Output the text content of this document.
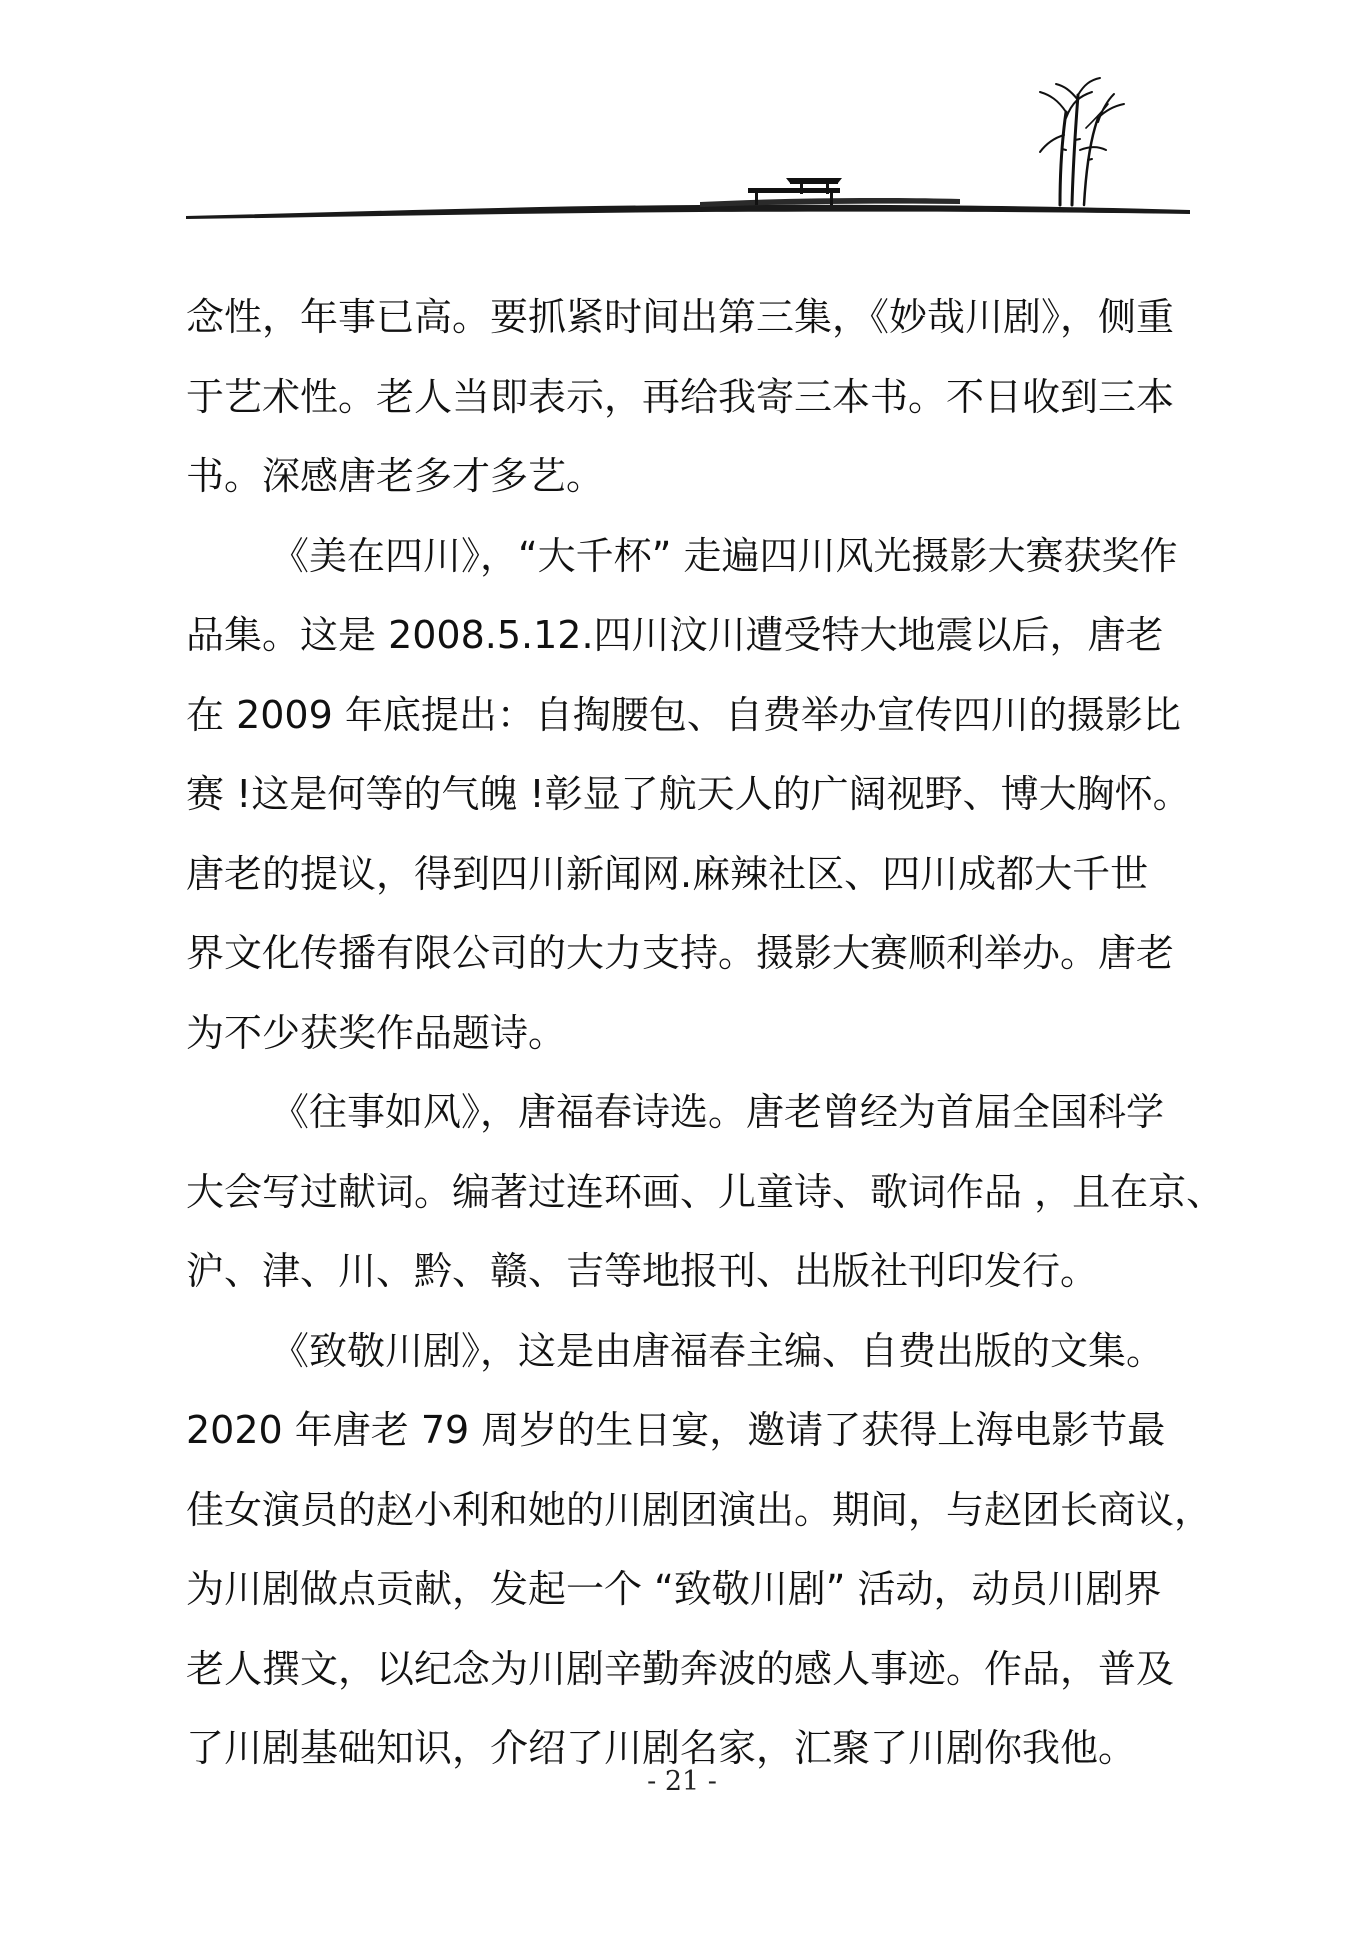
念性，年事已高。要抓紧时间出第三集，《妙哉川剧》，侧重
于艺术性。老人当即表示，再给我寄三本书。不日收到三本
书。深感唐老多才多艺。
《美在四川》，“大千杯” 走遍四川风光摄影大赛获奖作
品集。这是 2008.5.12.四川汶川遭受特大地震以后，唐老
在 2009 年底提出：自掏腰包、自费举办宣传四川的摄影比
赛 !这是何等的气魄 !彰显了航天人的广阔视野、博大胸怀。
唐老的提议，得到四川新闻网.麻辣社区、四川成都大千世
界文化传播有限公司的大力支持。摄影大赛顺利举办。唐老
为不少获奖作品题诗。
《往事如风》，唐福春诗选。唐老曾经为首届全国科学
大会写过献词。编著过连环画、儿童诗、歌词作品 ，且在京、
沪、津、川、黔、赣、吉等地报刊、出版社刊印发行。
《致敬川剧》，这是由唐福春主编、自费出版的文集。
2020 年唐老 79 周岁的生日宴，邀请了获得上海电影节最
佳女演员的赵小利和她的川剧团演出。期间，与赵团长商议，
为川剧做点贡献，发起一个 “致敬川剧” 活动，动员川剧界
老人撰文，以纪念为川剧辛勤奔波的感人事迹。作品，普及
了川剧基础知识，介绍了川剧名家，汇聚了川剧你我他。
- 21 -
